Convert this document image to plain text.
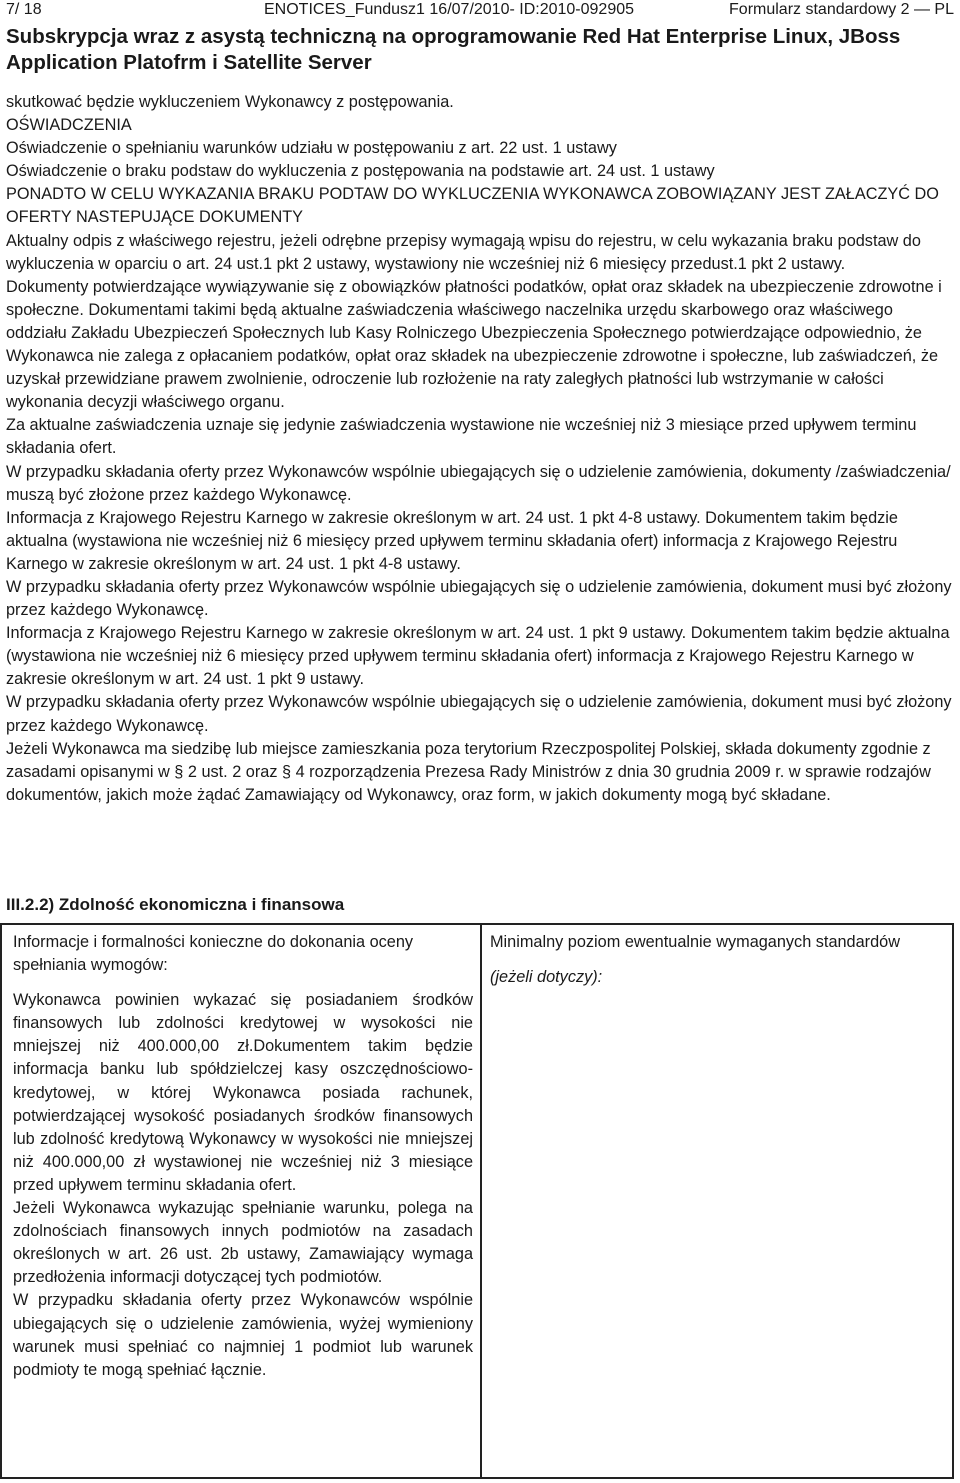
7/ 18	ENOTICES_Fundusz1 16/07/2010- ID:2010-092905	Formularz standardowy 2 — PL
Subskrypcja wraz z asystą techniczną na oprogramowanie Red Hat Enterprise Linux, JBoss Application Platofrm i Satellite Server

skutkować będzie wykluczeniem Wykonawcy z postępowania.

OŚWIADCZENIA

Oświadczenie o spełnianiu warunków udziału w postępowaniu z art. 22 ust. 1 ustawy

Oświadczenie o braku podstaw do wykluczenia z postępowania na podstawie art. 24 ust. 1 ustawy

PONADTO W CELU WYKAZANIA BRAKU PODTAW DO WYKLUCZENIA WYKONAWCA ZOBOWIĄZANY JEST ZAŁACZYĆ DO OFERTY NASTEPUJĄCE DOKUMENTY

Aktualny odpis z właściwego rejestru, jeżeli odrębne przepisy wymagają wpisu do rejestru, w celu wykazania braku podstaw do wykluczenia w oparciu o art. 24 ust.1 pkt 2 ustawy, wystawiony nie wcześniej niż 6 miesięcy przedust.1 pkt 2 ustawy.

Dokumenty potwierdzające wywiązywanie się z obowiązków płatności podatków, opłat oraz składek na ubezpieczenie zdrowotne i społeczne. Dokumentami takimi będą aktualne zaświadczenia właściwego naczelnika urzędu skarbowego oraz właściwego oddziału Zakładu Ubezpieczeń Społecznych lub Kasy Rolniczego Ubezpieczenia Społecznego potwierdzające odpowiednio, że Wykonawca nie zalega z opłacaniem podatków, opłat oraz składek na ubezpieczenie zdrowotne i społeczne, lub zaświadczeń, że uzyskał przewidziane prawem zwolnienie, odroczenie lub rozłożenie na raty zaległych płatności lub wstrzymanie w całości wykonania decyzji właściwego organu.

Za aktualne zaświadczenia uznaje się jedynie zaświadczenia wystawione nie wcześniej niż 3 miesiące przed upływem terminu składania ofert.

W przypadku składania oferty przez Wykonawców wspólnie ubiegających się o udzielenie zamówienia, dokumenty /zaświadczenia/ muszą być złożone przez każdego Wykonawcę.

Informacja z Krajowego Rejestru Karnego w zakresie określonym w art. 24 ust. 1 pkt 4-8 ustawy. Dokumentem takim będzie aktualna (wystawiona nie wcześniej niż 6 miesięcy przed upływem terminu składania ofert) informacja z Krajowego Rejestru Karnego w zakresie określonym w art. 24 ust. 1 pkt 4-8 ustawy.

W przypadku składania oferty przez Wykonawców wspólnie ubiegających się o udzielenie zamówienia, dokument musi być złożony przez każdego Wykonawcę.

Informacja z Krajowego Rejestru Karnego w zakresie określonym w art. 24 ust. 1 pkt 9 ustawy. Dokumentem takim będzie aktualna (wystawiona nie wcześniej niż 6 miesięcy przed upływem terminu składania ofert) informacja z Krajowego Rejestru Karnego w zakresie określonym w art. 24 ust. 1 pkt 9 ustawy.

W przypadku składania oferty przez Wykonawców wspólnie ubiegających się o udzielenie zamówienia, dokument musi być złożony przez każdego Wykonawcę.

Jeżeli Wykonawca ma siedzibę lub miejsce zamieszkania poza terytorium Rzeczpospolitej Polskiej, składa dokumenty zgodnie z zasadami opisanymi w § 2 ust. 2 oraz § 4 rozporządzenia Prezesa Rady Ministrów z dnia 30 grudnia 2009 r. w sprawie rodzajów dokumentów, jakich może żądać Zamawiający od Wykonawcy, oraz form, w jakich dokumenty mogą być składane.

III.2.2) Zdolność ekonomiczna i finansowa

Informacje i formalności konieczne do dokonania oceny spełniania wymogów:

Wykonawca powinien wykazać się posiadaniem środków finansowych lub zdolności kredytowej w wysokości nie mniejszej niż 400.000,00 zł.Dokumentem takim będzie informacja banku lub spółdzielczej kasy oszczędnościowo-kredytowej, w której Wykonawca posiada rachunek, potwierdzającej wysokość posiadanych środków finansowych lub zdolność kredytową Wykonawcy w wysokości nie mniejszej niż 400.000,00 zł wystawionej nie wcześniej niż 3 miesiące przed upływem terminu składania ofert.

Jeżeli Wykonawca wykazując spełnianie warunku, polega na zdolnościach finansowych innych podmiotów na zasadach określonych w art. 26 ust. 2b ustawy, Zamawiający wymaga przedłożenia informacji dotyczącej tych podmiotów.

W przypadku składania oferty przez Wykonawców wspólnie ubiegających się o udzielenie zamówienia, wyżej wymieniony warunek musi spełniać co najmniej 1 podmiot lub warunek podmioty te mogą spełniać łącznie.

Minimalny poziom ewentualnie wymaganych standardów

(jeżeli dotyczy):
